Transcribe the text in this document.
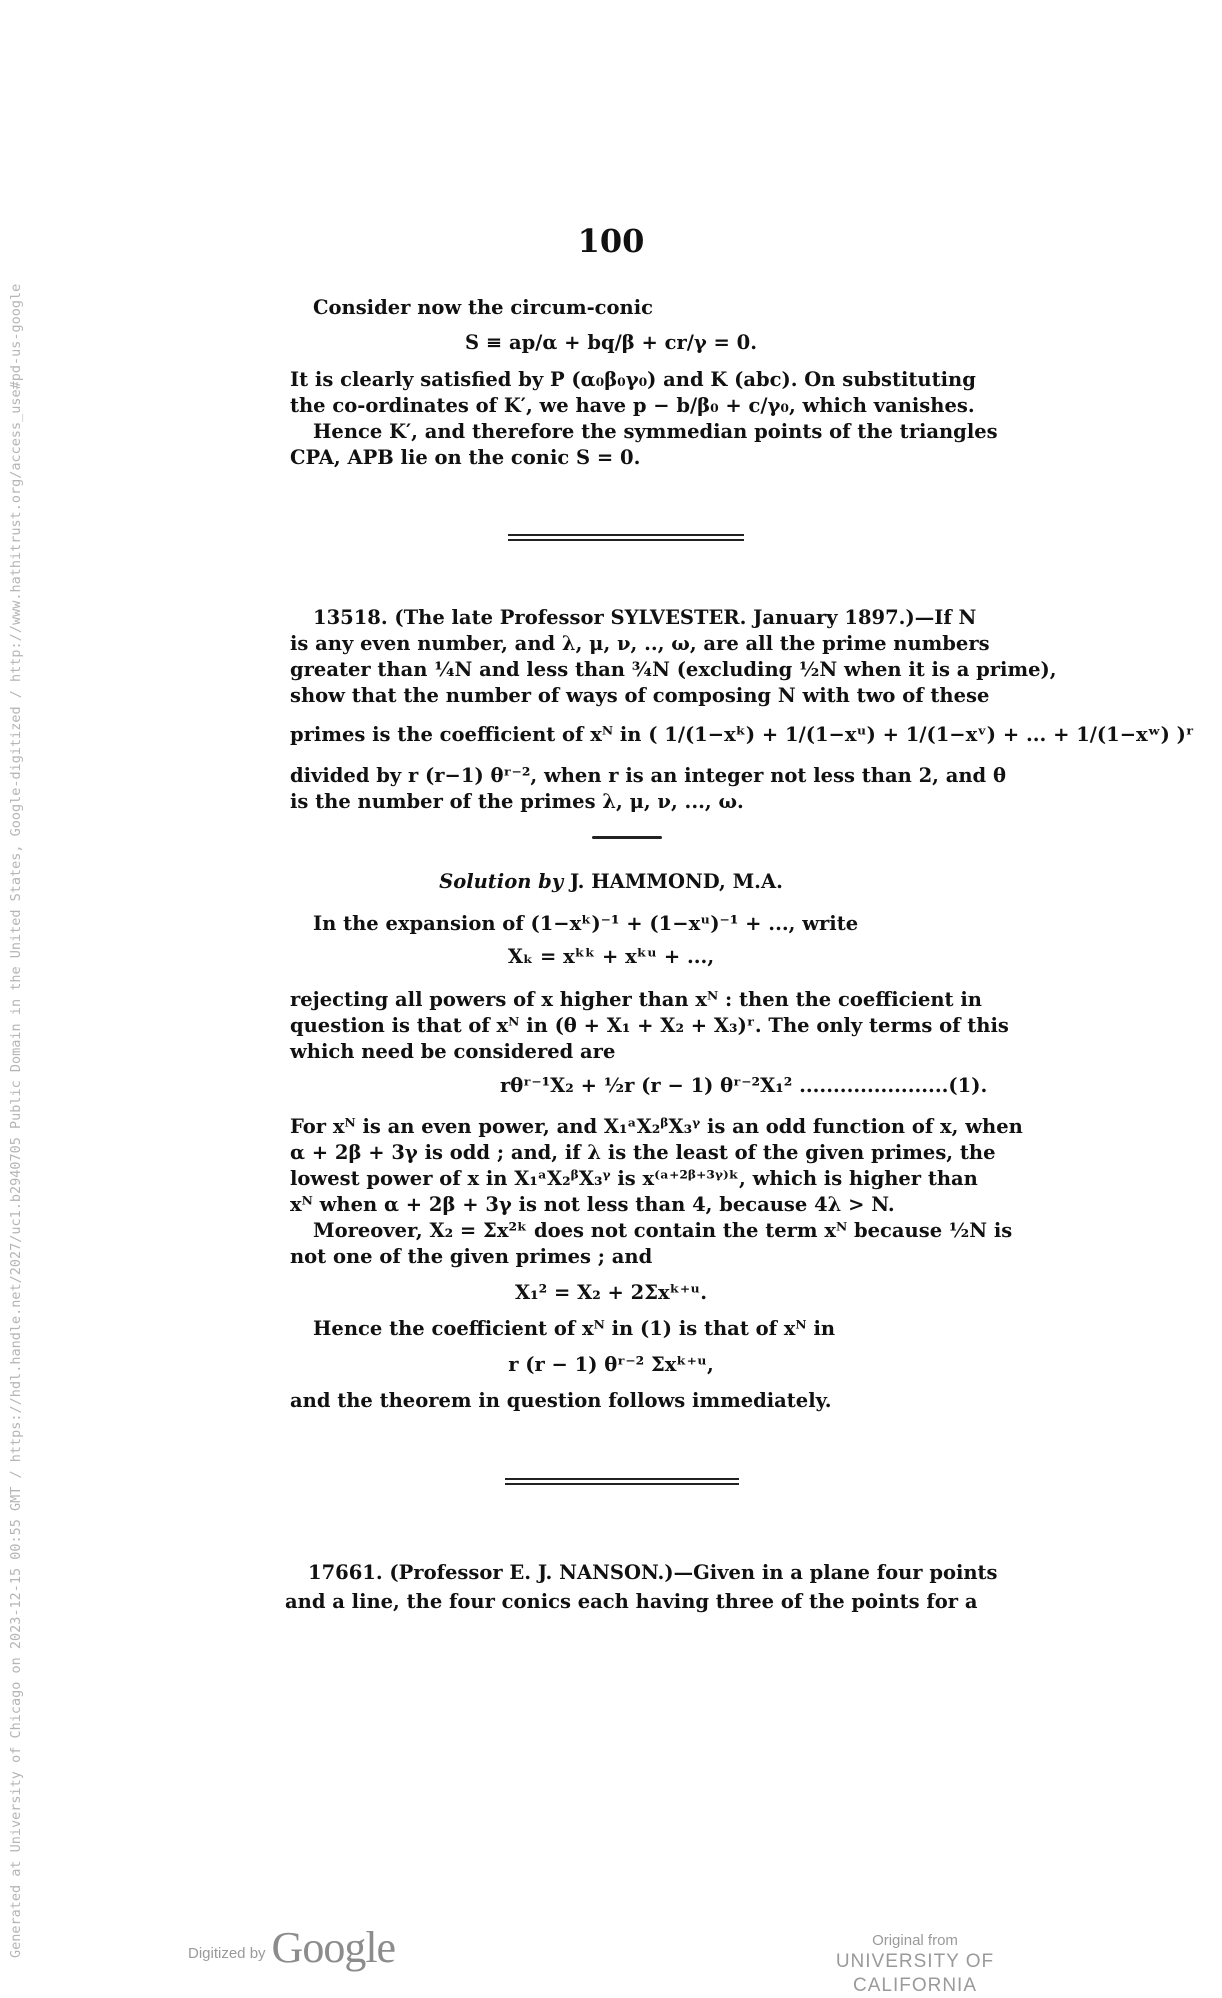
Generated at University of Chicago on 2023-12-15 00:55 GMT / https://hdl.handle.net/2027/uc1.b2940705 Public Domain in the United States, Google-digitized / http://www.hathitrust.org/access_use#pd-us-google
100
Consider now the circum-conic
S ≡ ap/α + bq/β + cr/γ = 0.
It is clearly satisfied by P (α₀β₀γ₀) and K (abc). On substituting
the co-ordinates of K′, we have p − b/β₀ + c/γ₀, which vanishes.
Hence K′, and therefore the symmedian points of the triangles
CPA, APB lie on the conic S = 0.
13518. (The late Professor SYLVESTER. January 1897.)—If N
is any even number, and λ, μ, ν, .., ω, are all the prime numbers
greater than ¼N and less than ¾N (excluding ½N when it is a prime),
show that the number of ways of composing N with two of these
primes is the coefficient of xᴺ in ( 1/(1−xᵏ) + 1/(1−xᵘ) + 1/(1−xᵛ) + ... + 1/(1−xʷ) )ʳ
divided by r (r−1) θʳ⁻², when r is an integer not less than 2, and θ
is the number of the primes λ, μ, ν, ..., ω.
Solution by J. HAMMOND, M.A.
In the expansion of (1−xᵏ)⁻¹ + (1−xᵘ)⁻¹ + ..., write
Xₖ = xᵏᵏ + xᵏᵘ + ...,
rejecting all powers of x higher than xᴺ : then the coefficient in
question is that of xᴺ in (θ + X₁ + X₂ + X₃)ʳ. The only terms of this
which need be considered are
rθʳ⁻¹X₂ + ½r (r − 1) θʳ⁻²X₁² ......................(1).
For xᴺ is an even power, and X₁ᵃX₂ᵝX₃ᵞ is an odd function of x, when
α + 2β + 3γ is odd ; and, if λ is the least of the given primes, the
lowest power of x in X₁ᵃX₂ᵝX₃ᵞ is x⁽ᵃ⁺²ᵝ⁺³ᵞ⁾ᵏ, which is higher than
xᴺ when α + 2β + 3γ is not less than 4, because 4λ > N.
Moreover, X₂ = Σx²ᵏ does not contain the term xᴺ because ½N is
not one of the given primes ; and
X₁² = X₂ + 2Σxᵏ⁺ᵘ.
Hence the coefficient of xᴺ in (1) is that of xᴺ in
r (r − 1) θʳ⁻² Σxᵏ⁺ᵘ,
and the theorem in question follows immediately.
17661. (Professor E. J. NANSON.)—Given in a plane four points
and a line, the four conics each having three of the points for a
Digitized by Google	Original from
UNIVERSITY OF CALIFORNIA
